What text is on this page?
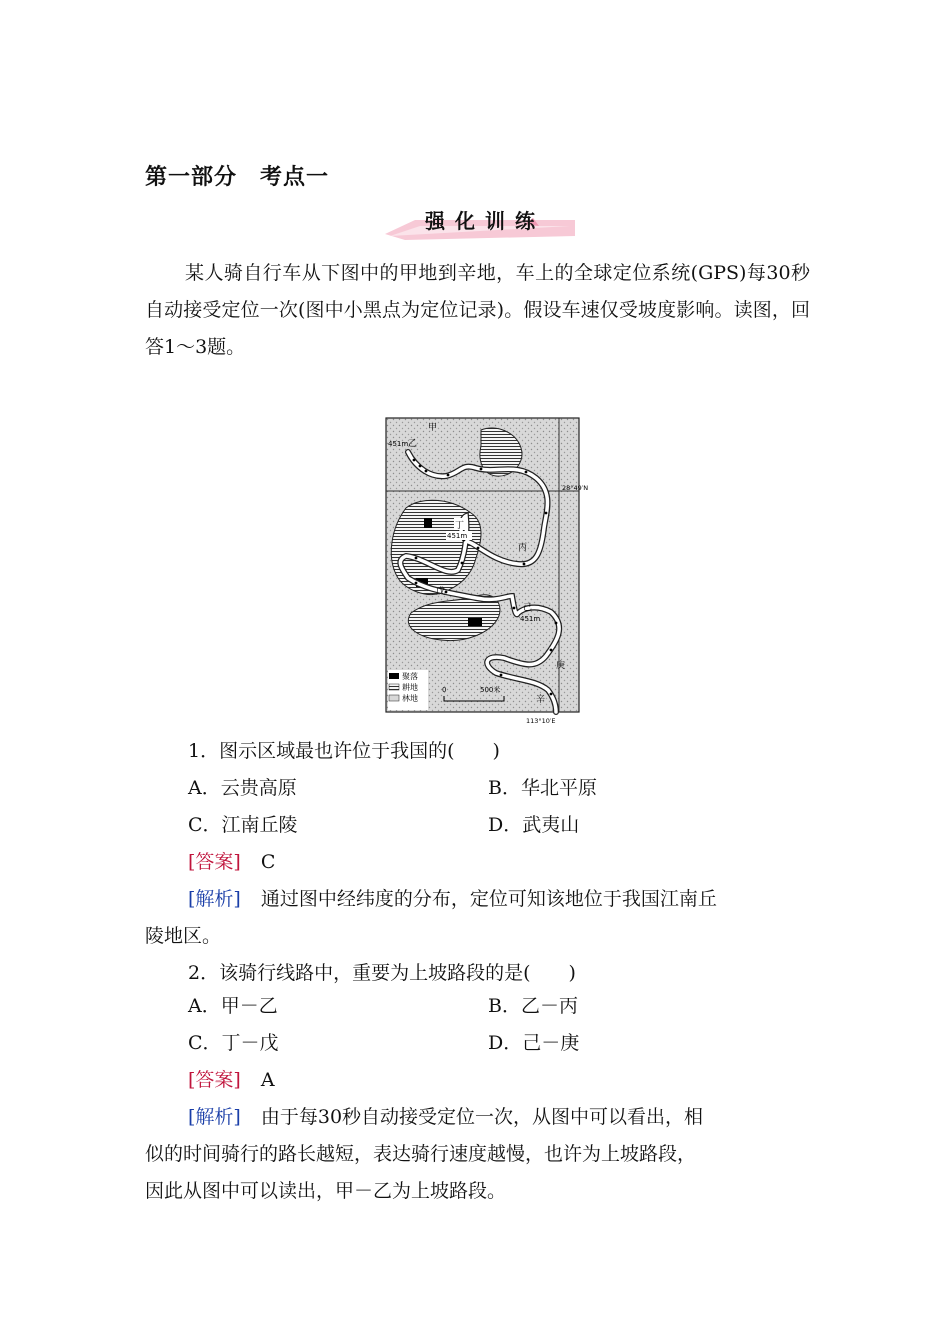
第一部分　考点一
强化训练
某人骑自行车从下图中的甲地到辛地，车上的全球定位系统(GPS)每30秒自动接受定位一次(图中小黑点为定位记录)。假设车速仅受坡度影响。读图，回答1～3题。
甲
451m 乙
丙
丁
451m
戊
己
451m
庚
辛
聚落
耕地
林地
0	500米
28°49′N
113°10′E
1．图示区域最也许位于我国的(　　)
A．云贵高原	B．华北平原
C．江南丘陵	D．武夷山
[答案] C
[解析] 通过图中经纬度的分布，定位可知该地位于我国江南丘
陵地区。
2．该骑行线路中，重要为上坡路段的是(　　)
A．甲－乙	B．乙－丙
C．丁－戊	D．己－庚
[答案] A
[解析] 由于每30秒自动接受定位一次，从图中可以看出，相
似的时间骑行的路长越短，表达骑行速度越慢，也许为上坡路段，
因此从图中可以读出，甲－乙为上坡路段。
